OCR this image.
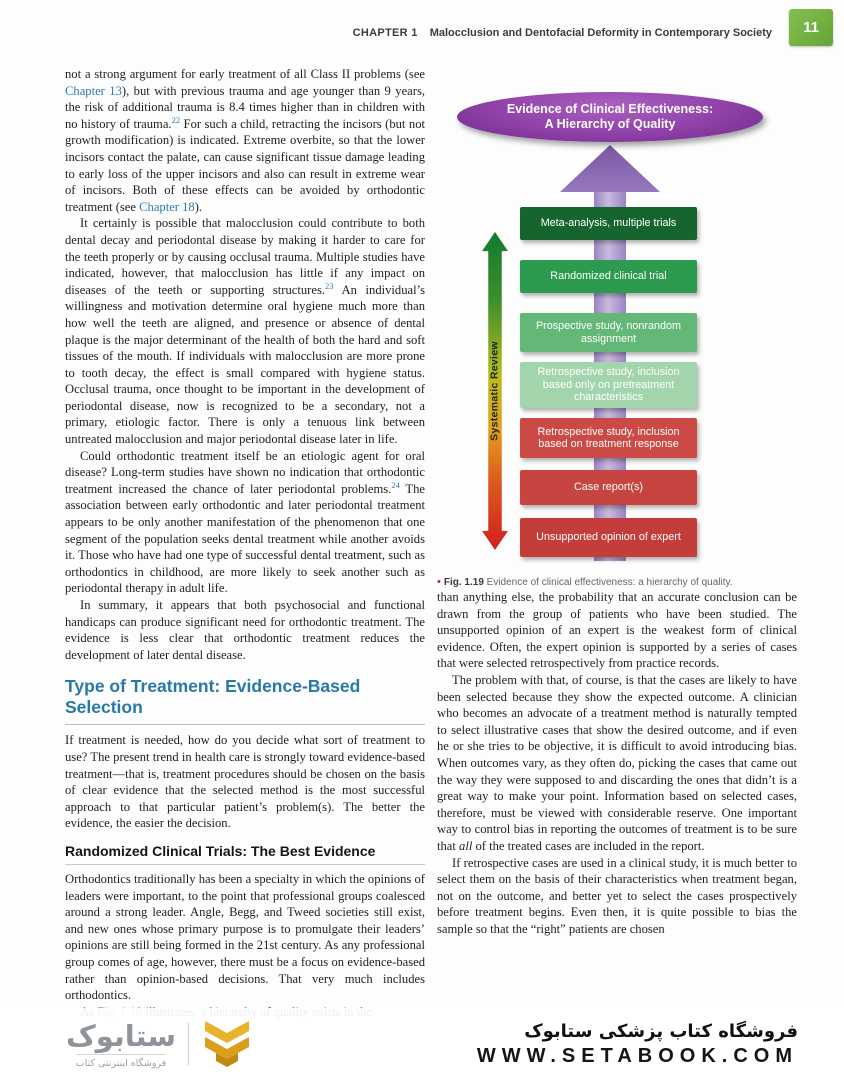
CHAPTER 1 Malocclusion and Dentofacial Deformity in Contemporary Society	11

not a strong argument for early treatment of all Class II problems (see Chapter 13), but with previous trauma and age younger than 9 years, the risk of additional trauma is 8.4 times higher than in children with no history of trauma.$^{22}$ For such a child, retracting the incisors (but not growth modification) is indicated. Extreme overbite, so that the lower incisors contact the palate, can cause significant tissue damage leading to early loss of the upper incisors and also can result in extreme wear of incisors. Both of these effects can be avoided by orthodontic treatment (see Chapter 18).

It certainly is possible that malocclusion could contribute to both dental decay and periodontal disease by making it harder to care for the teeth properly or by causing occlusal trauma. Multiple studies have indicated, however, that malocclusion has little if any impact on diseases of the teeth or supporting structures.$^{23}$ An individual’s willingness and motivation determine oral hygiene much more than how well the teeth are aligned, and presence or absence of dental plaque is the major determinant of the health of both the hard and soft tissues of the mouth. If individuals with malocclusion are more prone to tooth decay, the effect is small compared with hygiene status. Occlusal trauma, once thought to be important in the development of periodontal disease, now is recognized to be a secondary, not a primary, etiologic factor. There is only a tenuous link between untreated malocclusion and major periodontal disease later in life.

Could orthodontic treatment itself be an etiologic agent for oral disease? Long-term studies have shown no indication that orthodontic treatment increased the chance of later periodontal problems.$^{24}$ The association between early orthodontic and later periodontal treatment appears to be only another manifestation of the phenomenon that one segment of the population seeks dental treatment while another avoids it. Those who have had one type of successful dental treatment, such as orthodontics in childhood, are more likely to seek another such as periodontal therapy in adult life.

In summary, it appears that both psychosocial and functional handicaps can produce significant need for orthodontic treatment. The evidence is less clear that orthodontic treatment reduces the development of later dental disease.

Type of Treatment: Evidence-Based Selection

If treatment is needed, how do you decide what sort of treatment to use? The present trend in health care is strongly toward evidence-based treatment—that is, treatment procedures should be chosen on the basis of clear evidence that the selected method is the most successful approach to that particular patient’s problem(s). The better the evidence, the easier the decision.

Randomized Clinical Trials: The Best Evidence

Orthodontics traditionally has been a specialty in which the opinions of leaders were important, to the point that professional groups coalesced around a strong leader. Angle, Begg, and Tweed societies still exist, and new ones whose primary purpose is to promulgate their leaders’ opinions are still being formed in the 21st century. As any professional group comes of age, however, there must be a focus on evidence-based rather than opinion-based decisions. That very much includes orthodontics.

Evidence of Clinical Effectiveness:
A Hierarchy of Quality
Meta-analysis, multiple trials
Randomized clinical trial
Prospective study, nonrandom assignment
Retrospective study, inclusion based only on pretreatment characteristics
Retrospective study, inclusion based on treatment response
Case report(s)
Unsupported opinion of expert
Systematic Review
• Fig. 1.19 Evidence of clinical effectiveness: a hierarchy of quality.

than anything else, the probability that an accurate conclusion can be drawn from the group of patients who have been studied. The unsupported opinion of an expert is the weakest form of clinical evidence. Often, the expert opinion is supported by a series of cases that were selected retrospectively from practice records.

The problem with that, of course, is that the cases are likely to have been selected because they show the expected outcome. A clinician who becomes an advocate of a treatment method is naturally tempted to select illustrative cases that show the desired outcome, and if even he or she tries to be objective, it is difficult to avoid introducing bias. When outcomes vary, as they often do, picking the cases that came out the way they were supposed to and discarding the ones that didn’t is a great way to make your point. Information based on selected cases, therefore, must be viewed with considerable reserve. One important way to control bias in reporting the outcomes of treatment is to be sure that all of the treated cases are included in the report.

If retrospective cases are used in a clinical study, it is much better to select them on the basis of their characteristics when treatment began, not on the outcome, and better yet to select the cases prospectively before treatment begins. Even then, it is quite possible to bias the sample so that the “right” patients are chosen

ستابوک
فروشگاه اینترنتی کتاب
فروشگاه کتاب پزشکی ستابوک
WWW.SETABOOK.COM
